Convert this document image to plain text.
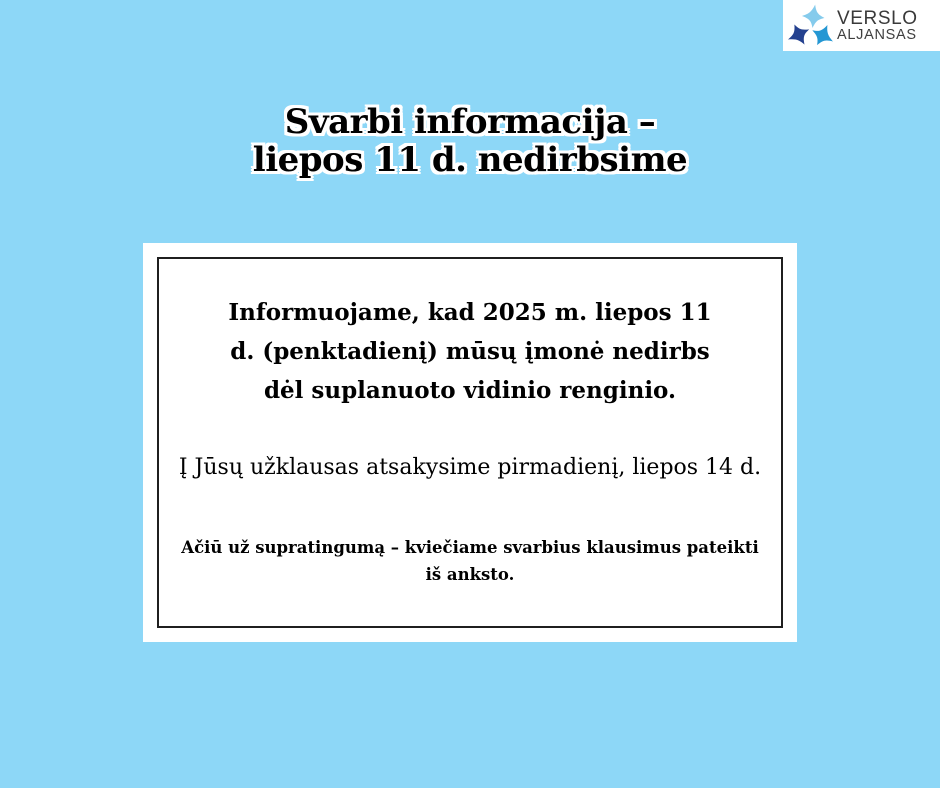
VERSLO
ALJANSAS
Svarbi informacija –
liepos 11 d. nedirbsime

Informuojame, kad 2025 m. liepos 11 d. (penktadienį) mūsų įmonė nedirbs dėl suplanuoto vidinio renginio.

Į Jūsų užklausas atsakysime pirmadienį, liepos 14 d.

Ačiū už supratingumą – kviečiame svarbius klausimus pateikti iš anksto.
